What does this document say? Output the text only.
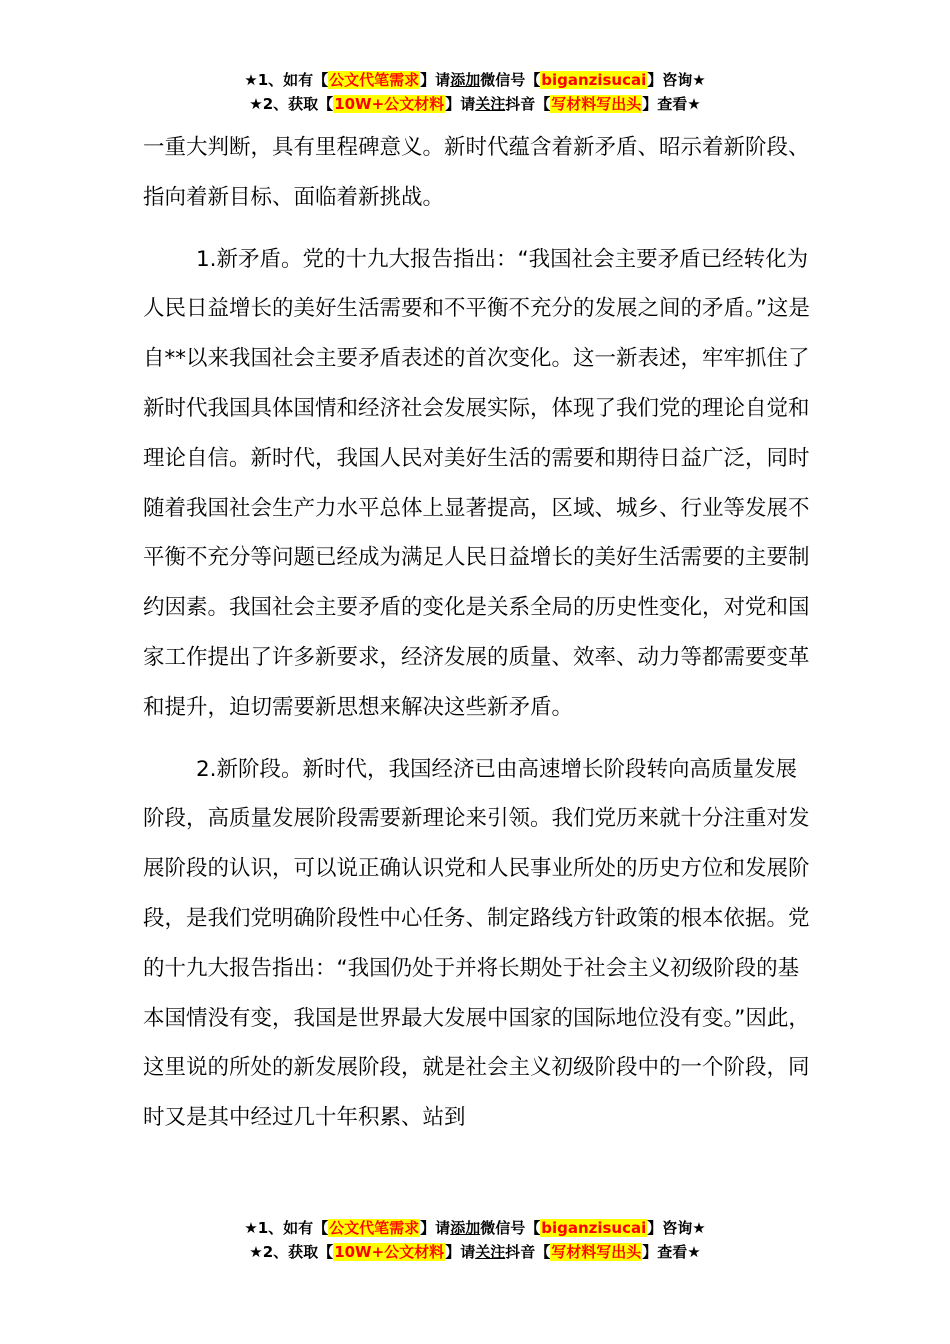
★1、如有【公文代笔需求】请添加微信号【biganzisucai】咨询★
★2、获取【10W+公文材料】请关注抖音【写材料写出头】查看★

一重大判断，具有里程碑意义。新时代蕴含着新矛盾、昭示着新阶段、指向着新目标、面临着新挑战。

1.新矛盾。党的十九大报告指出：“我国社会主要矛盾已经转化为人民日益增长的美好生活需要和不平衡不充分的发展之间的矛盾。”这是自**以来我国社会主要矛盾表述的首次变化。这一新表述，牢牢抓住了新时代我国具体国情和经济社会发展实际，体现了我们党的理论自觉和理论自信。新时代，我国人民对美好生活的需要和期待日益广泛，同时随着我国社会生产力水平总体上显著提高，区域、城乡、行业等发展不平衡不充分等问题已经成为满足人民日益增长的美好生活需要的主要制约因素。我国社会主要矛盾的变化是关系全局的历史性变化，对党和国家工作提出了许多新要求，经济发展的质量、效率、动力等都需要变革和提升，迫切需要新思想来解决这些新矛盾。

2.新阶段。新时代，我国经济已由高速增长阶段转向高质量发展阶段，高质量发展阶段需要新理论来引领。我们党历来就十分注重对发展阶段的认识，可以说正确认识党和人民事业所处的历史方位和发展阶段，是我们党明确阶段性中心任务、制定路线方针政策的根本依据。党的十九大报告指出：“我国仍处于并将长期处于社会主义初级阶段的基本国情没有变，我国是世界最大发展中国家的国际地位没有变。”因此，这里说的所处的新发展阶段，就是社会主义初级阶段中的一个阶段，同时又是其中经过几十年积累、站到

★1、如有【公文代笔需求】请添加微信号【biganzisucai】咨询★
★2、获取【10W+公文材料】请关注抖音【写材料写出头】查看★
